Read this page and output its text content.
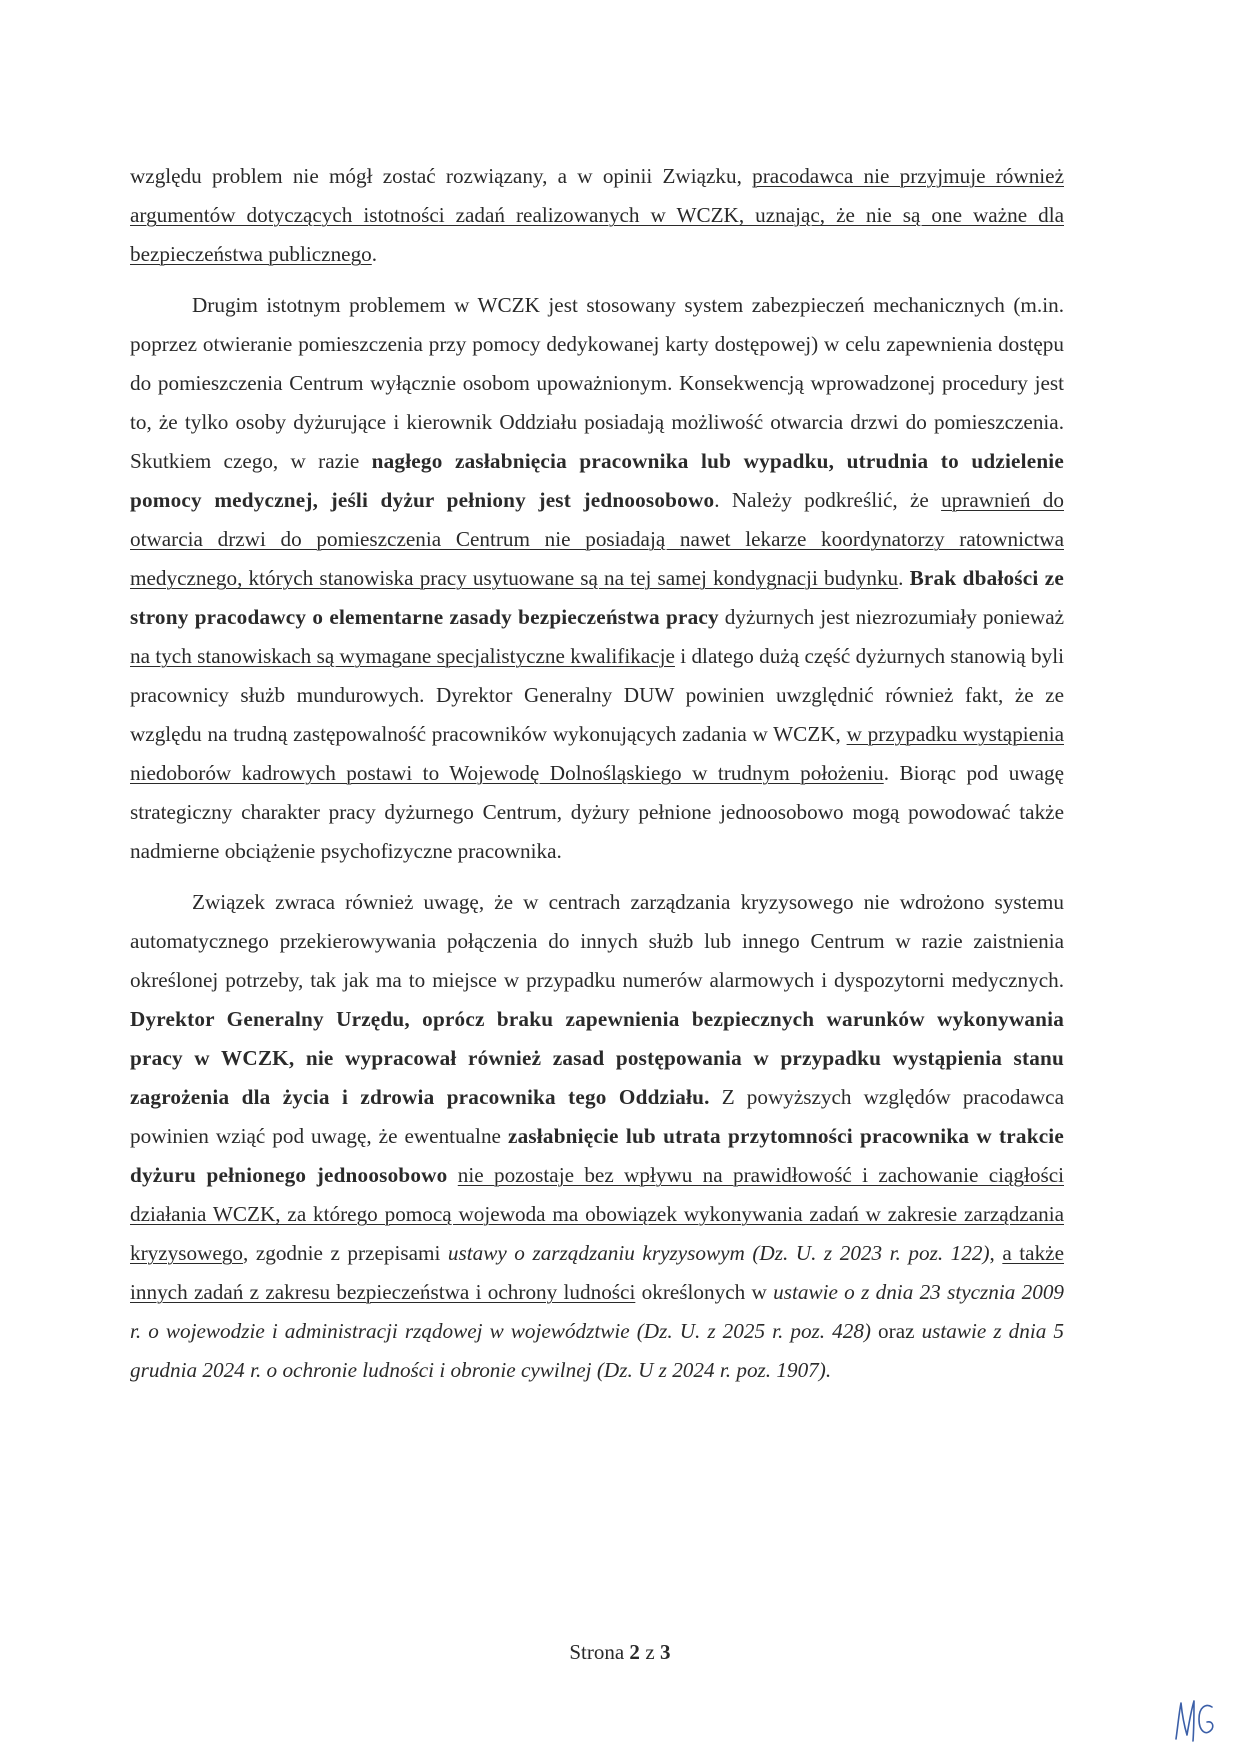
względu problem nie mógł zostać rozwiązany, a w opinii Związku, pracodawca nie przyjmuje również argumentów dotyczących istotności zadań realizowanych w WCZK, uznając, że nie są one ważne dla bezpieczeństwa publicznego.

Drugim istotnym problemem w WCZK jest stosowany system zabezpieczeń mechanicznych (m.in. poprzez otwieranie pomieszczenia przy pomocy dedykowanej karty dostępowej) w celu zapewnienia dostępu do pomieszczenia Centrum wyłącznie osobom upoważnionym. Konsekwencją wprowadzonej procedury jest to, że tylko osoby dyżurujące i kierownik Oddziału posiadają możliwość otwarcia drzwi do pomieszczenia. Skutkiem czego, w razie nagłego zasłabnięcia pracownika lub wypadku, utrudnia to udzielenie pomocy medycznej, jeśli dyżur pełniony jest jednoosobowo. Należy podkreślić, że uprawnień do otwarcia drzwi do pomieszczenia Centrum nie posiadają nawet lekarze koordynatorzy ratownictwa medycznego, których stanowiska pracy usytuowane są na tej samej kondygnacji budynku. Brak dbałości ze strony pracodawcy o elementarne zasady bezpieczeństwa pracy dyżurnych jest niezrozumiały ponieważ na tych stanowiskach są wymagane specjalistyczne kwalifikacje i dlatego dużą część dyżurnych stanowią byli pracownicy służb mundurowych. Dyrektor Generalny DUW powinien uwzględnić również fakt, że ze względu na trudną zastępowalność pracowników wykonujących zadania w WCZK, w przypadku wystąpienia niedoborów kadrowych postawi to Wojewodę Dolnośląskiego w trudnym położeniu. Biorąc pod uwagę strategiczny charakter pracy dyżurnego Centrum, dyżury pełnione jednoosobowo mogą powodować także nadmierne obciążenie psychofizyczne pracownika.

Związek zwraca również uwagę, że w centrach zarządzania kryzysowego nie wdrożono systemu automatycznego przekierowywania połączenia do innych służb lub innego Centrum w razie zaistnienia określonej potrzeby, tak jak ma to miejsce w przypadku numerów alarmowych i dyspozytorni medycznych. Dyrektor Generalny Urzędu, oprócz braku zapewnienia bezpiecznych warunków wykonywania pracy w WCZK, nie wypracował również zasad postępowania w przypadku wystąpienia stanu zagrożenia dla życia i zdrowia pracownika tego Oddziału. Z powyższych względów pracodawca powinien wziąć pod uwagę, że ewentualne zasłabnięcie lub utrata przytomności pracownika w trakcie dyżuru pełnionego jednoosobowo nie pozostaje bez wpływu na prawidłowość i zachowanie ciągłości działania WCZK, za którego pomocą wojewoda ma obowiązek wykonywania zadań w zakresie zarządzania kryzysowego, zgodnie z przepisami ustawy o zarządzaniu kryzysowym (Dz. U. z 2023 r. poz. 122), a także innych zadań z zakresu bezpieczeństwa i ochrony ludności określonych w ustawie o z dnia 23 stycznia 2009 r. o wojewodzie i administracji rządowej w województwie (Dz. U. z 2025 r. poz. 428) oraz ustawie z dnia 5 grudnia 2024 r. o ochronie ludności i obronie cywilnej (Dz. U z 2024 r. poz. 1907).

Strona 2 z 3
